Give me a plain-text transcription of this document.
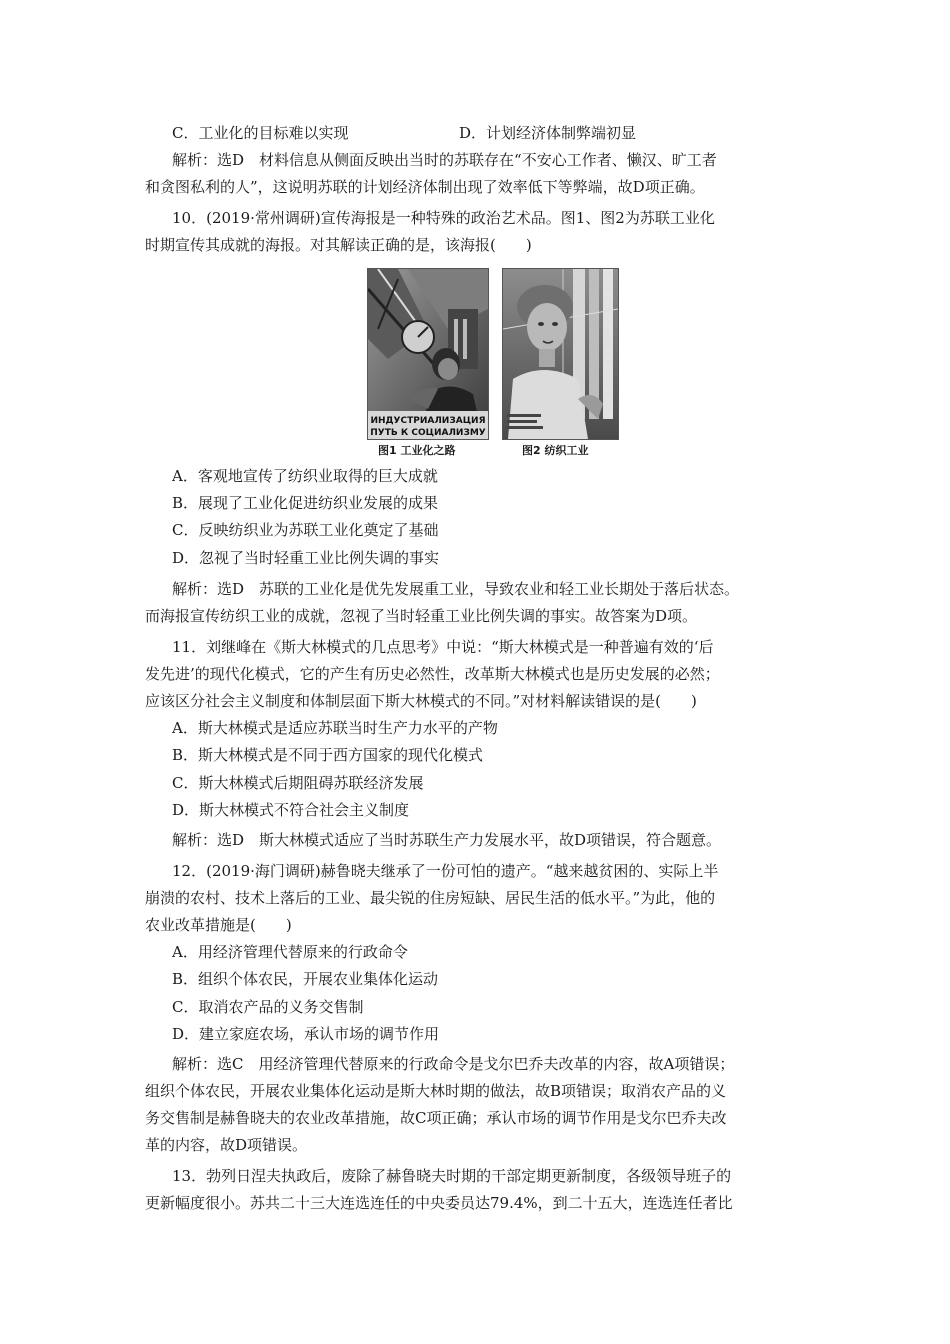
C．工业化的目标难以实现	D．计划经济体制弊端初显
解析：选D　材料信息从侧面反映出当时的苏联存在“不安心工作者、懒汉、旷工者
和贪图私利的人”，这说明苏联的计划经济体制出现了效率低下等弊端，故D项正确。
10．(2019·常州调研)宣传海报是一种特殊的政治艺术品。图1、图2为苏联工业化
时期宣传其成就的海报。对其解读正确的是，该海报(　　)
ИНДУСТРИАЛИЗАЦИЯ
ПУТЬ К СОЦИАЛИЗМУ
图1 工业化之路	图2 纺织工业
A．客观地宣传了纺织业取得的巨大成就
B．展现了工业化促进纺织业发展的成果
C．反映纺织业为苏联工业化奠定了基础
D．忽视了当时轻重工业比例失调的事实
解析：选D　苏联的工业化是优先发展重工业，导致农业和轻工业长期处于落后状态。
而海报宣传纺织工业的成就，忽视了当时轻重工业比例失调的事实。故答案为D项。
11．刘继峰在《斯大林模式的几点思考》中说：“斯大林模式是一种普遍有效的‘后
发先进’的现代化模式，它的产生有历史必然性，改革斯大林模式也是历史发展的必然；
应该区分社会主义制度和体制层面下斯大林模式的不同。”对材料解读错误的是(　　)
A．斯大林模式是适应苏联当时生产力水平的产物
B．斯大林模式是不同于西方国家的现代化模式
C．斯大林模式后期阻碍苏联经济发展
D．斯大林模式不符合社会主义制度
解析：选D　斯大林模式适应了当时苏联生产力发展水平，故D项错误，符合题意。
12．(2019·海门调研)赫鲁晓夫继承了一份可怕的遗产。“越来越贫困的、实际上半
崩溃的农村、技术上落后的工业、最尖锐的住房短缺、居民生活的低水平。”为此，他的
农业改革措施是(　　)
A．用经济管理代替原来的行政命令
B．组织个体农民，开展农业集体化运动
C．取消农产品的义务交售制
D．建立家庭农场，承认市场的调节作用
解析：选C　用经济管理代替原来的行政命令是戈尔巴乔夫改革的内容，故A项错误；
组织个体农民，开展农业集体化运动是斯大林时期的做法，故B项错误；取消农产品的义
务交售制是赫鲁晓夫的农业改革措施，故C项正确；承认市场的调节作用是戈尔巴乔夫改
革的内容，故D项错误。
13．勃列日涅夫执政后，废除了赫鲁晓夫时期的干部定期更新制度，各级领导班子的
更新幅度很小。苏共二十三大连选连任的中央委员达79.4%，到二十五大，连选连任者比
